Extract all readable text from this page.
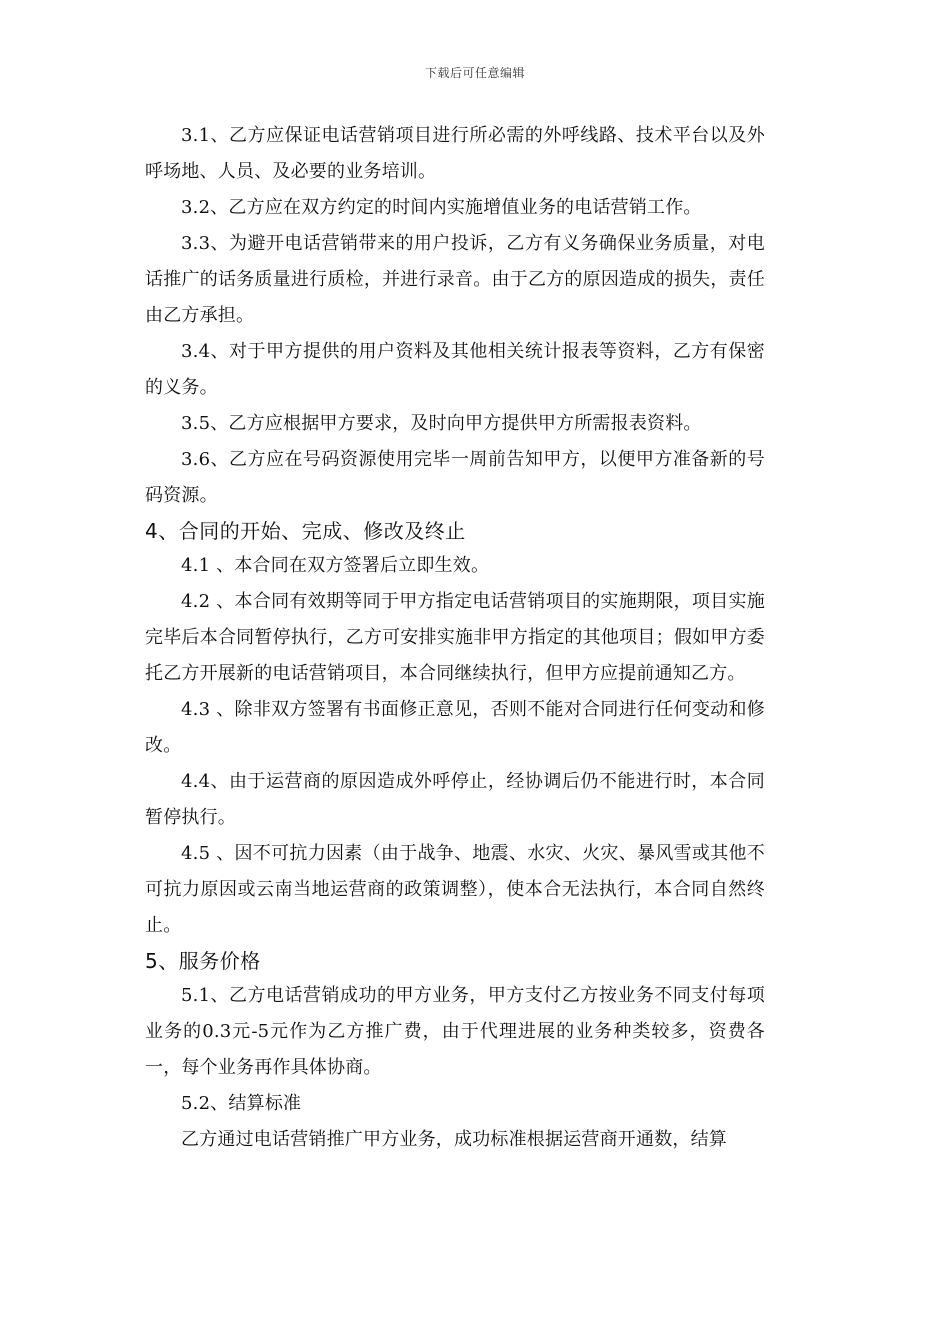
下载后可任意编辑

3.1、乙方应保证电话营销项目进行所必需的外呼线路、技术平台以及外呼场地、人员、及必要的业务培训。

3.2、乙方应在双方约定的时间内实施增值业务的电话营销工作。

3.3、为避开电话营销带来的用户投诉，乙方有义务确保业务质量，对电话推广的话务质量进行质检，并进行录音。由于乙方的原因造成的损失，责任由乙方承担。

3.4、对于甲方提供的用户资料及其他相关统计报表等资料，乙方有保密的义务。

3.5、乙方应根据甲方要求，及时向甲方提供甲方所需报表资料。

3.6、乙方应在号码资源使用完毕一周前告知甲方，以便甲方准备新的号码资源。

4、合同的开始、完成、修改及终止

4.1 、本合同在双方签署后立即生效。

4.2 、本合同有效期等同于甲方指定电话营销项目的实施期限，项目实施完毕后本合同暂停执行，乙方可安排实施非甲方指定的其他项目；假如甲方委托乙方开展新的电话营销项目，本合同继续执行，但甲方应提前通知乙方。

4.3 、除非双方签署有书面修正意见，否则不能对合同进行任何变动和修改。

4.4、由于运营商的原因造成外呼停止，经协调后仍不能进行时，本合同暂停执行。

4.5 、因不可抗力因素（由于战争、地震、水灾、火灾、暴风雪或其他不可抗力原因或云南当地运营商的政策调整），使本合无法执行，本合同自然终止。

5、服务价格

5.1、乙方电话营销成功的甲方业务，甲方支付乙方按业务不同支付每项业务的0.3元-5元作为乙方推广费，由于代理进展的业务种类较多，资费各一，每个业务再作具体协商。

5.2、结算标准

乙方通过电话营销推广甲方业务，成功标准根据运营商开通数，结算
